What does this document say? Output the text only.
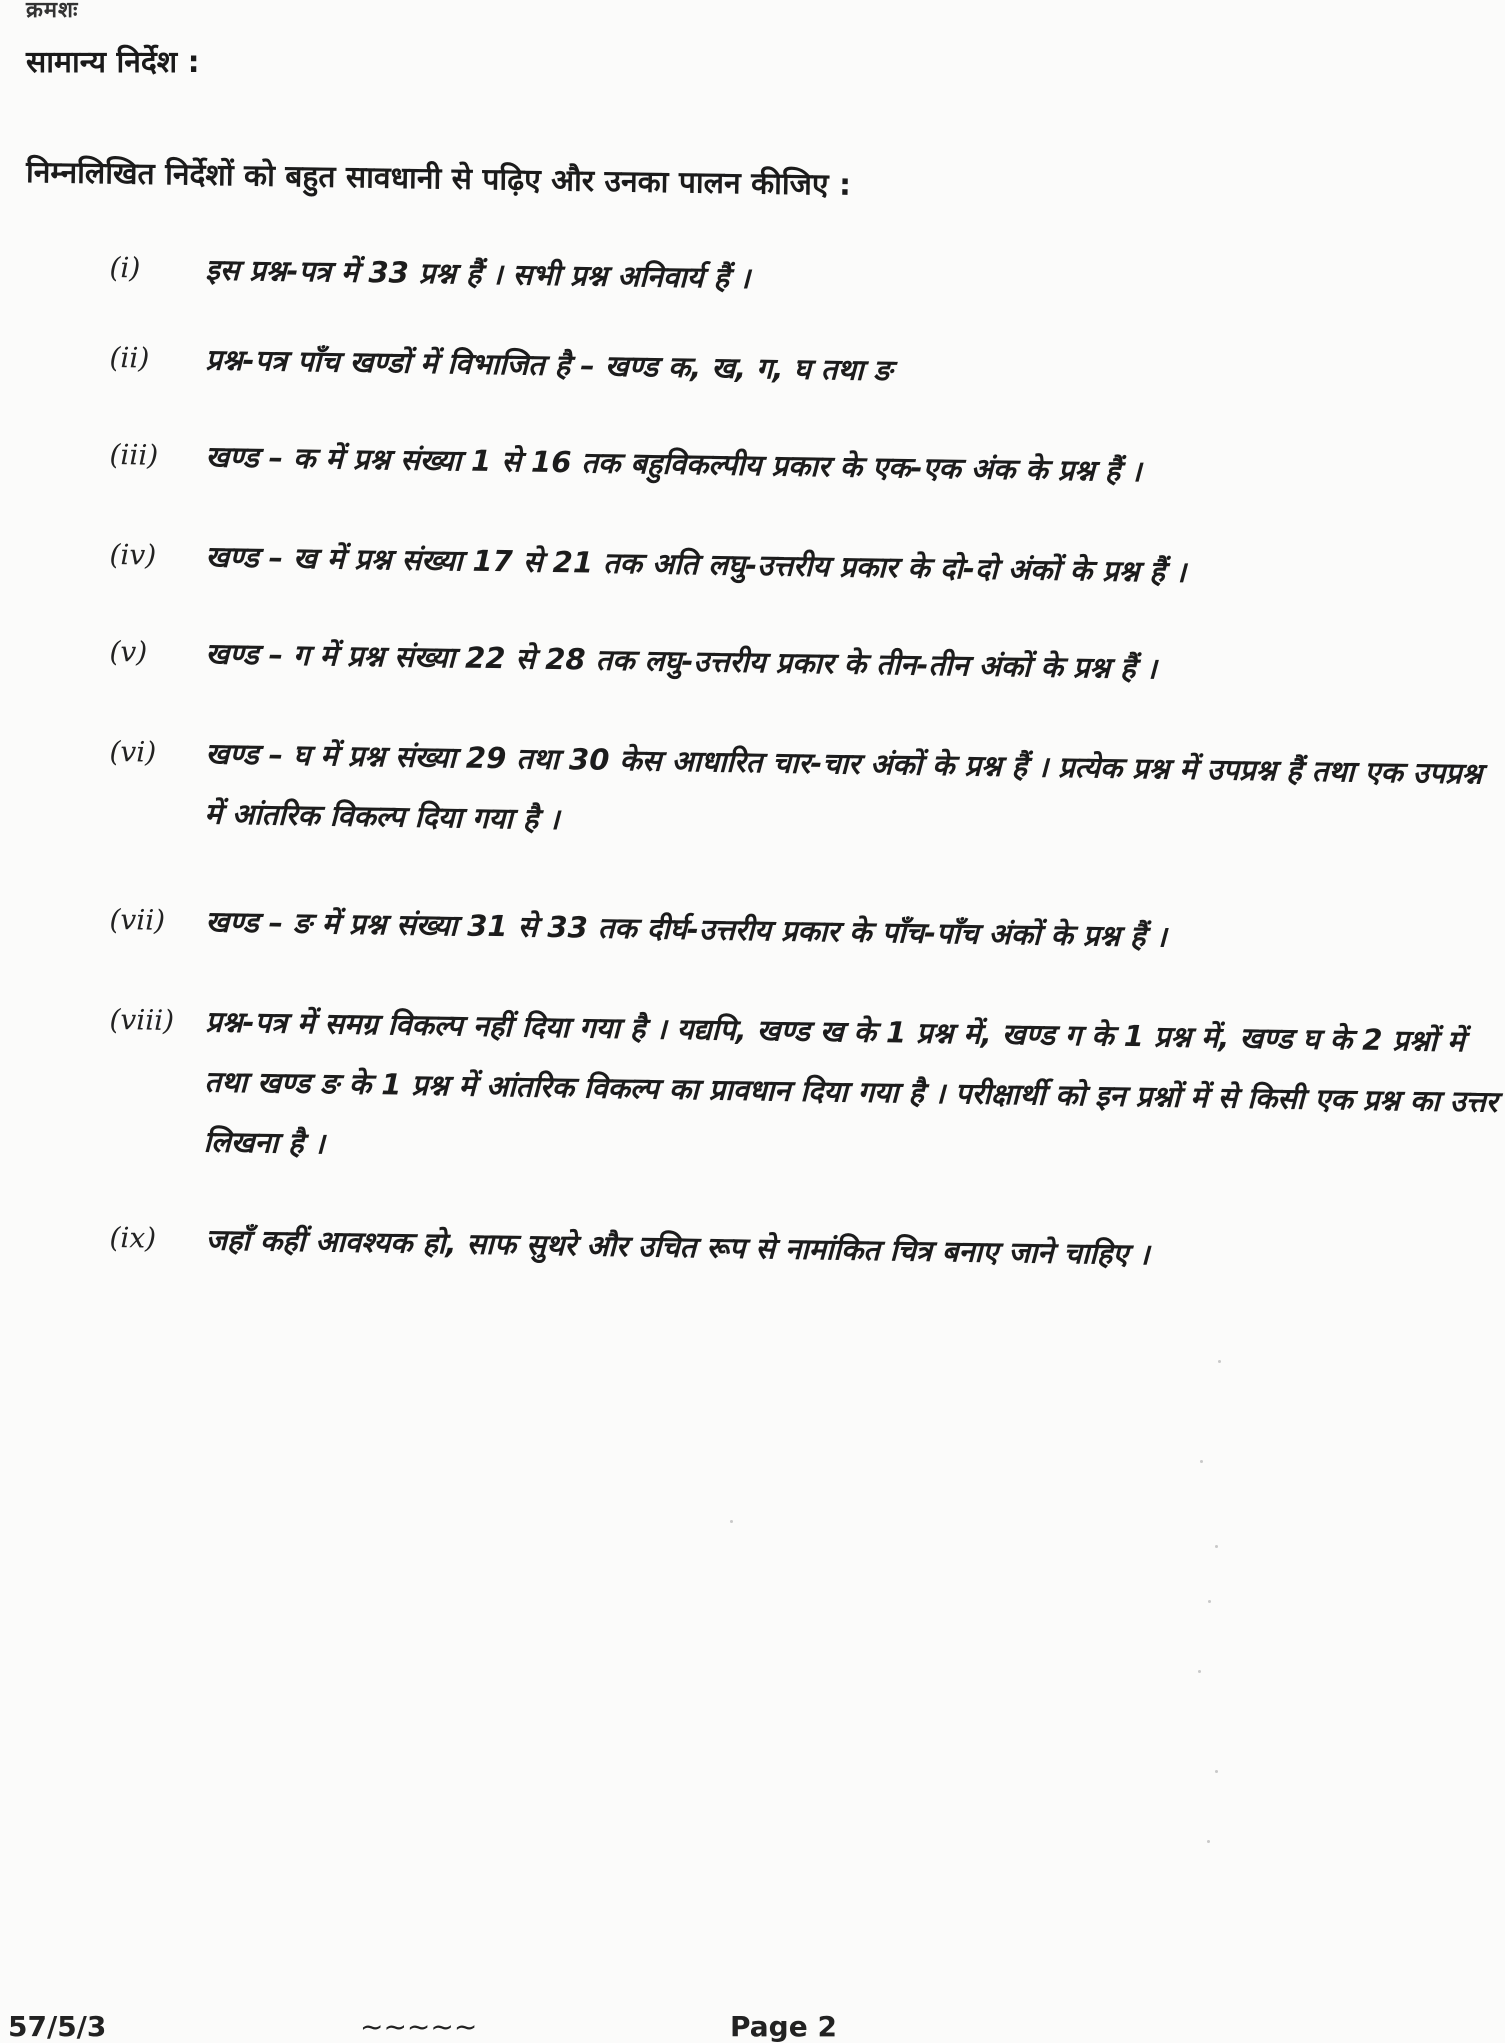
क्रमशः
सामान्य निर्देश :
निम्नलिखित निर्देशों को बहुत सावधानी से पढ़िए और उनका पालन कीजिए :
(i) इस प्रश्न-पत्र में 33 प्रश्न हैं । सभी प्रश्न अनिवार्य हैं ।
(ii) प्रश्न-पत्र पाँच खण्डों में विभाजित है – खण्ड क, ख, ग, घ तथा ङ
(iii) खण्ड – क में प्रश्न संख्या 1 से 16 तक बहुविकल्पीय प्रकार के एक-एक अंक के प्रश्न हैं ।
(iv) खण्ड – ख में प्रश्न संख्या 17 से 21 तक अति लघु-उत्तरीय प्रकार के दो-दो अंकों के प्रश्न हैं ।
(v) खण्ड – ग में प्रश्न संख्या 22 से 28 तक लघु-उत्तरीय प्रकार के तीन-तीन अंकों के प्रश्न हैं ।
(vi) खण्ड – घ में प्रश्न संख्या 29 तथा 30 केस आधारित चार-चार अंकों के प्रश्न हैं । प्रत्येक प्रश्न में उपप्रश्न हैं तथा एक उपप्रश्न में आंतरिक विकल्प दिया गया है ।
(vii) खण्ड – ङ में प्रश्न संख्या 31 से 33 तक दीर्घ-उत्तरीय प्रकार के पाँच-पाँच अंकों के प्रश्न हैं ।
(viii) प्रश्न-पत्र में समग्र विकल्प नहीं दिया गया है । यद्यपि, खण्ड ख के 1 प्रश्न में, खण्ड ग के 1 प्रश्न में, खण्ड घ के 2 प्रश्नों में तथा खण्ड ङ के 1 प्रश्न में आंतरिक विकल्प का प्रावधान दिया गया है । परीक्षार्थी को इन प्रश्नों में से किसी एक प्रश्न का उत्तर लिखना है ।
(ix) जहाँ कहीं आवश्यक हो, साफ सुथरे और उचित रूप से नामांकित चित्र बनाए जाने चाहिए ।
57/5/3	~~~~~	Page 2
